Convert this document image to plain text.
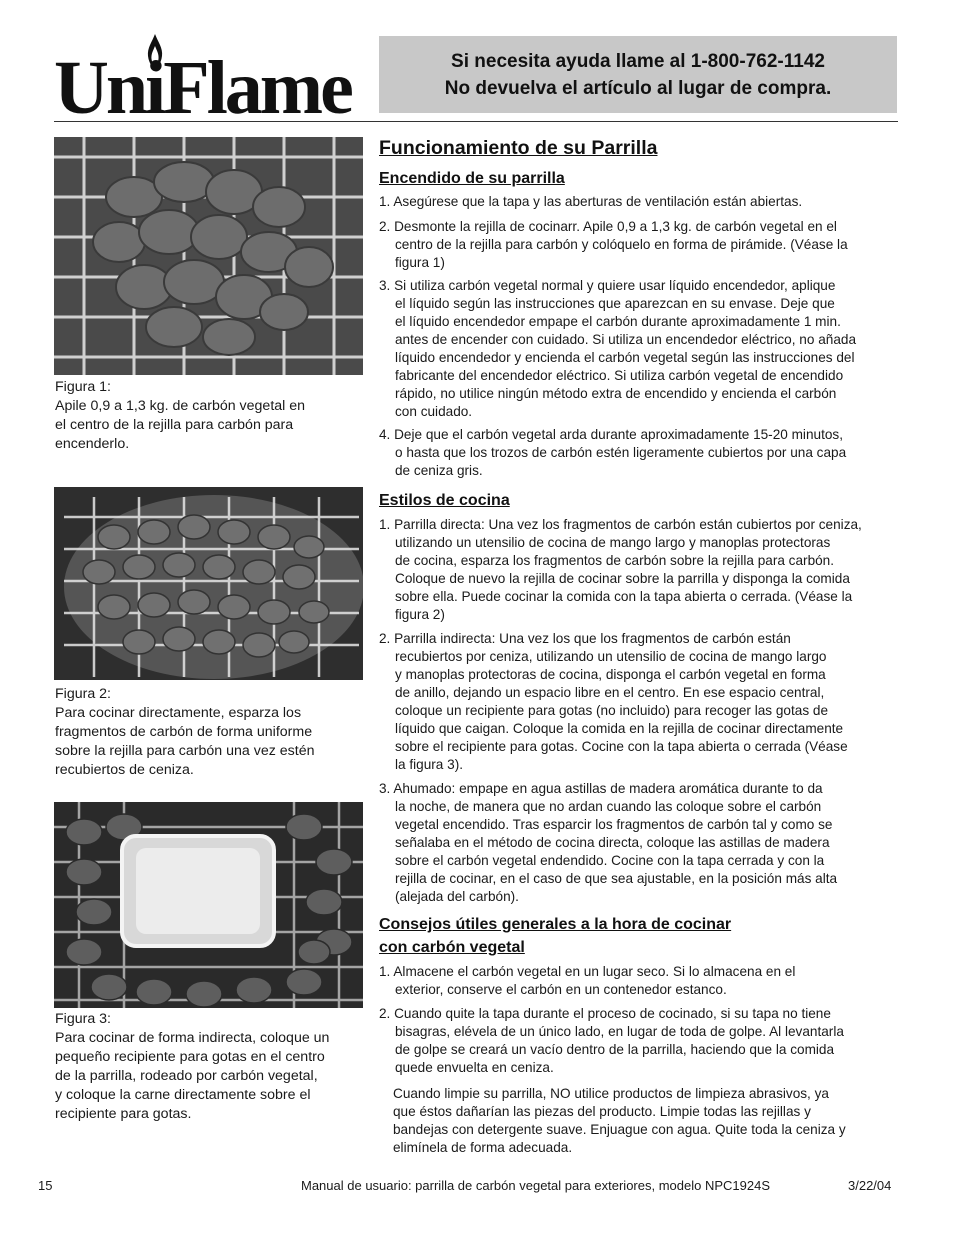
UniFlame	Si necesita ayuda llame al 1-800-762-1142
No devuelva el artículo al lugar de compra.
Figura 1:
Apile 0,9 a 1,3 kg. de carbón vegetal en
el centro de la rejilla para carbón para
encenderlo.
Figura 2:
Para cocinar directamente, esparza los
fragmentos de carbón de forma uniforme
sobre la rejilla para carbón una vez estén
recubiertos de ceniza.
Figura 3:
Para cocinar de forma indirecta, coloque un
pequeño recipiente para gotas en el centro
de la parrilla, rodeado por carbón vegetal,
y coloque la carne directamente sobre el
recipiente para gotas.
Funcionamiento de su Parrilla
Encendido de su parrilla
1. Asegúrese que la tapa y las aberturas de ventilación están abiertas.
2. Desmonte la rejilla de cocinarr. Apile 0,9 a 1,3 kg. de carbón vegetal en el
centro de la rejilla para carbón y colóquelo en forma de pirámide. (Véase la
figura 1)
3. Si utiliza carbón vegetal normal y quiere usar líquido encendedor, aplique
el líquido según las instrucciones que aparezcan en su envase. Deje que
el líquido encendedor empape el carbón durante aproximadamente 1 min.
antes de encender con cuidado. Si utiliza un encendedor eléctrico, no añada
líquido encendedor y encienda el carbón vegetal según las instrucciones del
fabricante del encendedor eléctrico. Si utiliza carbón vegetal de encendido
rápido, no utilice ningún método extra de encendido y encienda el carbón
con cuidado.
4. Deje que el carbón vegetal arda durante aproximadamente 15-20 minutos,
o hasta que los trozos de carbón estén ligeramente cubiertos por una capa
de ceniza gris.
Estilos de cocina
1. Parrilla directa: Una vez los fragmentos de carbón están cubiertos por ceniza,
utilizando un utensilio de cocina de mango largo y manoplas protectoras
de cocina, esparza los fragmentos de carbón sobre la rejilla para carbón.
Coloque de nuevo la rejilla de cocinar sobre la parrilla y disponga la comida
sobre ella. Puede cocinar la comida con la tapa abierta o cerrada. (Véase la
figura 2)
2. Parrilla indirecta: Una vez los que los fragmentos de carbón están
recubiertos por ceniza, utilizando un utensilio de cocina de mango largo
y manoplas protectoras de cocina, disponga el carbón vegetal en forma
de anillo, dejando un espacio libre en el centro. En ese espacio central,
coloque un recipiente para gotas (no incluido) para recoger las gotas de
líquido que caigan. Coloque la comida en la rejilla de cocinar directamente
sobre el recipiente para gotas. Cocine con la tapa abierta o cerrada (Véase
la figura 3).
3. Ahumado: empape en agua astillas de madera aromática durante to da
la noche, de manera que no ardan cuando las coloque sobre el carbón
vegetal encendido. Tras esparcir los fragmentos de carbón tal y como se
señalaba en el método de cocina directa, coloque las astillas de madera
sobre el carbón vegetal endendido. Cocine con la tapa cerrada y con la
rejilla de cocinar, en el caso de que sea ajustable, en la posición más alta
(alejada del carbón).
Consejos útiles generales a la hora de cocinar
con carbón vegetal
1. Almacene el carbón vegetal en un lugar seco. Si lo almacena en el
exterior, conserve el carbón en un contenedor estanco.
2. Cuando quite la tapa durante el proceso de cocinado, si su tapa no tiene
bisagras, elévela de un único lado, en lugar de toda de golpe. Al levantarla
de golpe se creará un vacío dentro de la parrilla, haciendo que la comida
quede envuelta en ceniza.
Cuando limpie su parrilla, NO utilice productos de limpieza abrasivos, ya
que éstos dañarían las piezas del producto. Limpie todas las rejillas y
bandejas con detergente suave. Enjuague con agua. Quite toda la ceniza y
elimínela de forma adecuada.
15	Manual de usuario: parrilla de carbón vegetal para exteriores, modelo NPC1924S	3/22/04
